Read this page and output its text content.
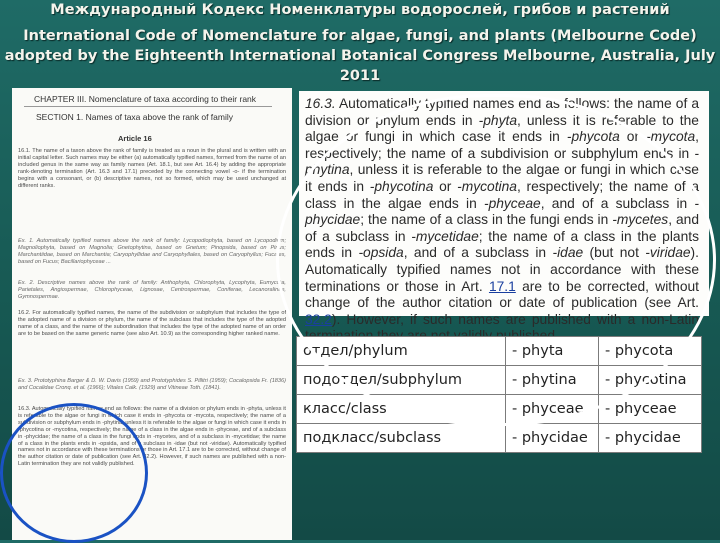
Международный Кодекс Номенклатуры водорослей, грибов и растений
International Code of Nomenclature for algae, fungi, and plants (Melbourne Code) adopted by the Eighteenth International Botanical Congress Melbourne, Australia, July 2011
CHAPTER III. Nomenclature of taxa according to their rank
SECTION 1. Names of taxa above the rank of family
Article 16
16.1. The name of a taxon above the rank of family is treated as a noun in the plural and is written with an initial capital letter. Such names may be either (a) automatically typified names, formed from the name of an included genus in the same way as family names (Art. 18.1, but see Art. 16.4) by adding the appropriate rank-denoting termination (Art. 16.3 and 17.1) preceded by the connecting vowel -o- if the termination begins with a consonant, or (b) descriptive names, not so formed, which may be used unchanged at different ranks.
Ex. 1. Automatically typified names above the rank of family: Lycopodiophyta, based on Lycopodium; Magnoliophyta, based on Magnolia; Gnetophytina, based on Gnetum; Pinopsida, based on Pinus; Marchantiidae, based on Marchantia; Caryophyllidae and Caryophyllales, based on Caryophyllus; Fucales, based on Fucus; Bacillariophyceae ...
Ex. 2. Descriptive names above the rank of family: Anthophyta, Chlorophyta, Lycophyta, Eumycota, Parietales, Angiospermae, Chlorophyceae, Lignosae, Centrospermae, Coniferae, Lecanoralinae, Gymnospermae.
16.2. For automatically typified names, the name of the subdivision or subphylum that includes the type of the adopted name of a division or phylum, the name of the subclass that includes the type of the adopted name of a class, and the name of the subordination that includes the type of the adopted name of an order are to be based on the same generic name (see also Art. 10.9) as the corresponding higher ranked name.
Ex. 3. Prototyphina Barger & D. W. Davis (1959) and Prototyphides S. Pillitri (1959); Cocalopsida Fr. (1836) and Cocalidae Cronq. et al. (1966); Vitales Calk. (1929) and Vitineae Toth. (1841).
16.3. Automatically typified names end as follows: the name of a division or phylum ends in -phyta, unless it is referable to the algae or fungi in which case it ends in -phycota or -mycota, respectively; the name of a subdivision or subphylum ends in -phytina, unless it is referable to the algae or fungi in which case it ends in -phycotina or -mycotina, respectively; the name of a class in the algae ends in -phyceae, and of a subclass in -phycidae; the name of a class in the fungi ends in -mycetes, and of a subclass in -mycetidae; the name of a class in the plants ends in -opsida, and of a subclass in -idae (but not -viridae). Automatically typified names not in accordance with these terminations or those in Art. 17.1 are to be corrected, without change of the author citation or date of publication (see Art. 32.2). However, if such names are published with a non-Latin termination they are not validly published.
16.3. Automatically typified names end as follows: the name of a division or phylum ends in -phyta, unless it is referable to the algae or fungi in which case it ends in -phycota or -mycota, respectively; the name of a subdivision or subphylum ends in -phytina, unless it is referable to the algae or fungi in which case it ends in -phycotina or -mycotina, respectively; the name of a class in the algae ends in -phyceae, and of a subclass in -phycidae; the name of a class in the fungi ends in -mycetes, and of a subclass in -mycetidae; the name of a class in the plants ends in -opsida, and of a subclass in -idae (but not -viridae). Automatically typified names not in accordance with these terminations or those in Art. 17.1 are to be corrected, without change of the author citation or date of publication (see Art. 32.2). However, if such names are published with a non-Latin
отдел/phylum	- phyta	- phycota
подотдел/subphylum	- phytina	- phycotina
класс/class	- phyceae	- phyceae
подкласс/subclass	- phycidae	- phycidae
